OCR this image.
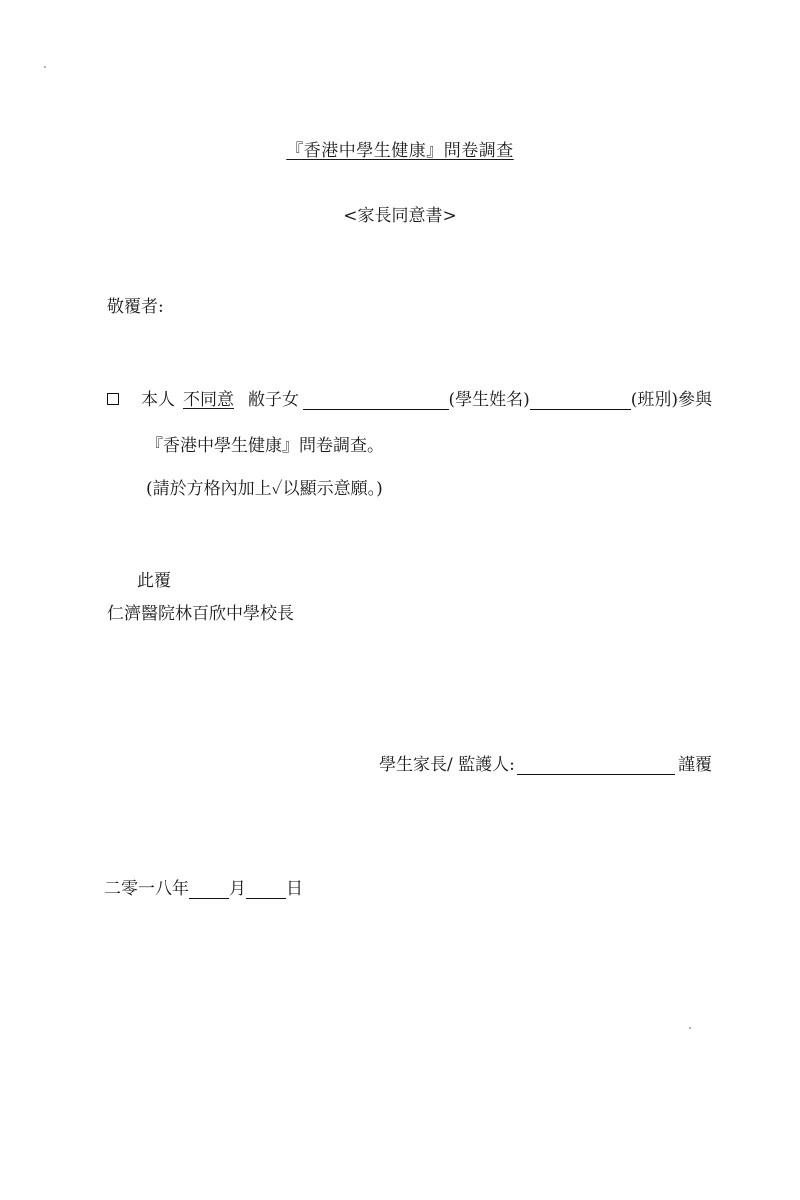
『香港中學生健康』問卷調查
<家長同意書>
敬覆者:
本人 不同意 敝子女	(學生姓名)	(班別) 參與
『香港中學生健康』問卷調查。
(請於方格內加上✓以顯示意願。)
此覆
仁濟醫院林百欣中學校長
學生家長/ 監護人:	謹覆
二零一八年 月 日
